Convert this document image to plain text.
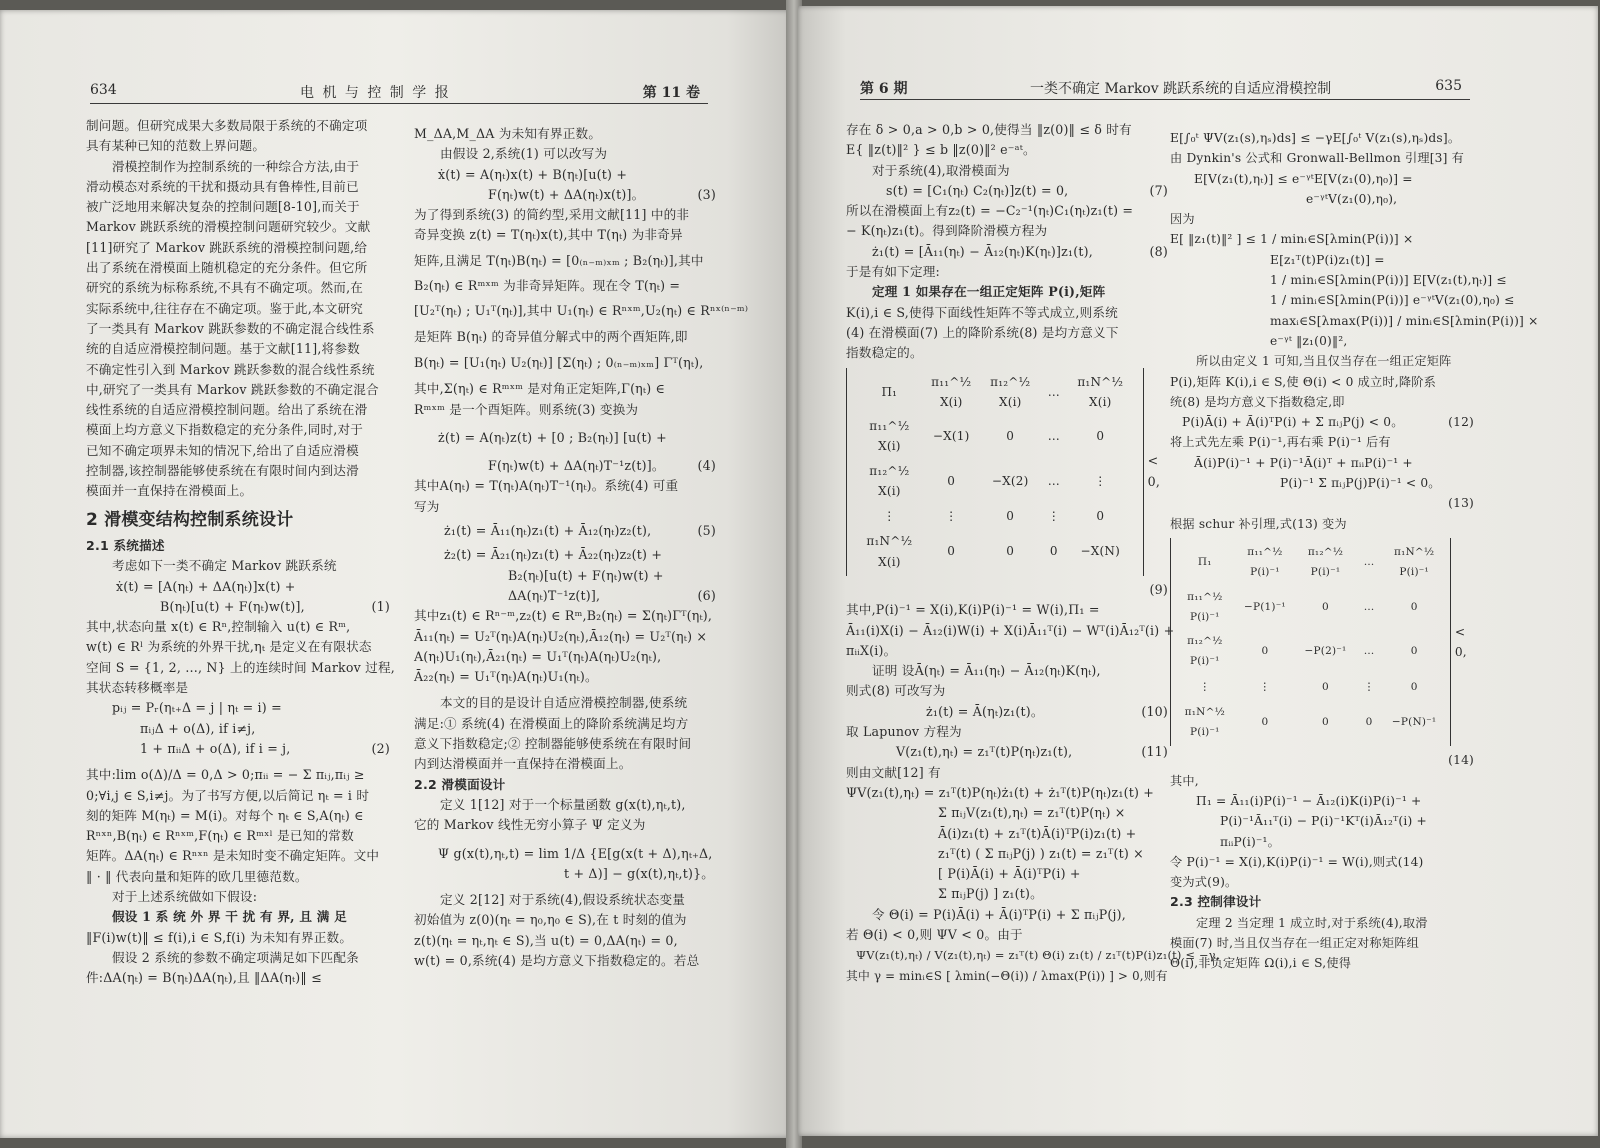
634	电 机 与 控 制 学 报	第 11 卷

制问题。但研究成果大多数局限于系统的不确定项

具有某种已知的范数上界问题。

滑模控制作为控制系统的一种综合方法,由于

滑动模态对系统的干扰和摄动具有鲁棒性,目前已

被广泛地用来解决复杂的控制问题[8-10],而关于

Markov 跳跃系统的滑模控制问题研究较少。文献

[11]研究了 Markov 跳跃系统的滑模控制问题,给

出了系统在滑模面上随机稳定的充分条件。但它所

研究的系统为标称系统,不具有不确定项。然而,在

实际系统中,往往存在不确定项。鉴于此,本文研究

了一类具有 Markov 跳跃参数的不确定混合线性系

统的自适应滑模控制问题。基于文献[11],将参数

不确定性引入到 Markov 跳跃参数的混合线性系统

中,研究了一类具有 Markov 跳跃参数的不确定混合

线性系统的自适应滑模控制问题。给出了系统在滑

模面上均方意义下指数稳定的充分条件,同时,对于

已知不确定项界未知的情况下,给出了自适应滑模

控制器,该控制器能够使系统在有限时间内到达滑

模面并一直保持在滑模面上。

2 滑模变结构控制系统设计

2.1 系统描述

考虑如下一类不确定 Markov 跳跃系统

ẋ(t) = [A(ηₜ) + ΔA(ηₜ)]x(t) +

B(ηₜ)[u(t) + F(ηₜ)w(t)],	(1)

其中,状态向量 x(t) ∈ Rⁿ,控制输入 u(t) ∈ Rᵐ,

w(t) ∈ Rˡ 为系统的外界干扰,ηₜ 是定义在有限状态

空间 S = {1, 2, …, N} 上的连续时间 Markov 过程,

其状态转移概率是

pᵢⱼ = Pᵣ(ηₜ₊Δ = j | ηₜ = i) =

πᵢⱼΔ + o(Δ), if i≠j,

1 + πᵢᵢΔ + o(Δ), if i = j,	(2)

其中:lim o(Δ)/Δ = 0,Δ > 0;πᵢᵢ = − Σ πᵢⱼ,πᵢⱼ ≥

0;∀i,j ∈ S,i≠j。为了书写方便,以后简记 ηₜ = i 时

刻的矩阵 M(ηₜ) = M(i)。对每个 ηₜ ∈ S,A(ηₜ) ∈

Rⁿˣⁿ,B(ηₜ) ∈ Rⁿˣᵐ,F(ηₜ) ∈ Rᵐˣˡ 是已知的常数

矩阵。ΔA(ηₜ) ∈ Rⁿˣⁿ 是未知时变不确定矩阵。文中

‖ · ‖ 代表向量和矩阵的欧几里德范数。

对于上述系统做如下假设:

假设 1 系 统 外 界 干 扰 有 界, 且 满 足

‖F(i)w(t)‖ ≤ f(i),i ∈ S,f(i) 为未知有界正数。

假设 2 系统的参数不确定项满足如下匹配条

件:ΔA(ηₜ) = B(ηₜ)ΔA(ηₜ),且 ‖ΔA(ηₜ)‖ ≤

M_ΔA,M_ΔA 为未知有界正数。

由假设 2,系统(1) 可以改写为

ẋ(t) = A(ηₜ)x(t) + B(ηₜ)[u(t) +

F(ηₜ)w(t) + ΔA(ηₜ)x(t)]。	(3)

为了得到系统(3) 的简约型,采用文献[11] 中的非

奇异变换 z(t) = T(ηₜ)x(t),其中 T(ηₜ) 为非奇异

矩阵,且满足 T(ηₜ)B(ηₜ) = [0₍ₙ₋ₘ₎ₓₘ ; B₂(ηₜ)],其中

B₂(ηₜ) ∈ Rᵐˣᵐ 为非奇异矩阵。现在令 T(ηₜ) =

[U₂ᵀ(ηₜ) ; U₁ᵀ(ηₜ)],其中 U₁(ηₜ) ∈ Rⁿˣᵐ,U₂(ηₜ) ∈ Rⁿˣ⁽ⁿ⁻ᵐ⁾

是矩阵 B(ηₜ) 的奇异值分解式中的两个酉矩阵,即

B(ηₜ) = [U₁(ηₜ) U₂(ηₜ)] [Σ(ηₜ) ; 0₍ₙ₋ₘ₎ₓₘ] Γᵀ(ηₜ),

其中,Σ(ηₜ) ∈ Rᵐˣᵐ 是对角正定矩阵,Γ(ηₜ) ∈

Rᵐˣᵐ 是一个酉矩阵。则系统(3) 变换为

ż(t) = A(ηₜ)z(t) + [0 ; B₂(ηₜ)] [u(t) +

F(ηₜ)w(t) + ΔA(ηₜ)T⁻¹z(t)]。	(4)

其中A(ηₜ) = T(ηₜ)A(ηₜ)T⁻¹(ηₜ)。系统(4) 可重

写为

ż₁(t) = Ā₁₁(ηₜ)z₁(t) + Ā₁₂(ηₜ)z₂(t),	(5)

ż₂(t) = Ā₂₁(ηₜ)z₁(t) + Ā₂₂(ηₜ)z₂(t) +

B₂(ηₜ)[u(t) + F(ηₜ)w(t) +

ΔA(ηₜ)T⁻¹z(t)],	(6)

其中z₁(t) ∈ Rⁿ⁻ᵐ,z₂(t) ∈ Rᵐ,B₂(ηₜ) = Σ(ηₜ)Γᵀ(ηₜ),

Ā₁₁(ηₜ) = U₂ᵀ(ηₜ)A(ηₜ)U₂(ηₜ),Ā₁₂(ηₜ) = U₂ᵀ(ηₜ) ×

A(ηₜ)U₁(ηₜ),Ā₂₁(ηₜ) = U₁ᵀ(ηₜ)A(ηₜ)U₂(ηₜ),

Ā₂₂(ηₜ) = U₁ᵀ(ηₜ)A(ηₜ)U₁(ηₜ)。

本文的目的是设计自适应滑模控制器,使系统

满足:① 系统(4) 在滑模面上的降阶系统满足均方

意义下指数稳定;② 控制器能够使系统在有限时间

内到达滑模面并一直保持在滑模面上。

2.2 滑模面设计

定义 1[12] 对于一个标量函数 g(x(t),ηₜ,t),

它的 Markov 线性无穷小算子 Ψ 定义为

Ψ g(x(t),ηₜ,t) = lim 1/Δ {E[g(x(t + Δ),ηₜ₊Δ,

t + Δ)] − g(x(t),ηₜ,t)}。

定义 2[12] 对于系统(4),假设系统状态变量

初始值为 z(0)(ηₜ = η₀,η₀ ∈ S),在 t 时刻的值为

z(t)(ηₜ = ηₜ,ηₜ ∈ S),当 u(t) = 0,ΔA(ηₜ) = 0,

w(t) = 0,系统(4) 是均方意义下指数稳定的。若总

第 6 期	一类不确定 Markov 跳跃系统的自适应滑模控制	635

存在 δ > 0,a > 0,b > 0,使得当 ‖z(0)‖ ≤ δ 时有

E{ ‖z(t)‖² } ≤ b ‖z(0)‖² e⁻ᵃᵗ。

对于系统(4),取滑模面为

s(t) = [C₁(ηₜ) C₂(ηₜ)]z(t) = 0,	(7)

所以在滑模面上有z₂(t) = −C₂⁻¹(ηₜ)C₁(ηₜ)z₁(t) =

− K(ηₜ)z₁(t)。得到降阶滑模方程为

ż₁(t) = [Ā₁₁(ηₜ) − Ā₁₂(ηₜ)K(ηₜ)]z₁(t),	(8)

于是有如下定理:

定理 1 如果存在一组正定矩阵 P(i),矩阵

K(i),i ∈ S,使得下面线性矩阵不等式成立,则系统

(4) 在滑模面(7) 上的降阶系统(8) 是均方意义下

指数稳定的。

Π₁	π₁₁^½ X(i)	π₁₂^½ X(i)	…	π₁N^½ X(i)
π₁₁^½ X(i)	−X(1)	0	…	0
π₁₂^½ X(i)	0	−X(2)	…	⋮
⋮	⋮	0	⋮	0
π₁N^½ X(i)	0	0	0	−X(N)
< 0,

(9)

其中,P(i)⁻¹ = X(i),K(i)P(i)⁻¹ = W(i),Π₁ =

Ā₁₁(i)X(i) − Ā₁₂(i)W(i) + X(i)Ā₁₁ᵀ(i) − Wᵀ(i)Ā₁₂ᵀ(i) +

πᵢᵢX(i)。

证明 设Ā(ηₜ) = Ā₁₁(ηₜ) − Ā₁₂(ηₜ)K(ηₜ),

则式(8) 可改写为

ż₁(t) = Ā(ηₜ)z₁(t)。	(10)

取 Lapunov 方程为

V(z₁(t),ηₜ) = z₁ᵀ(t)P(ηₜ)z₁(t),	(11)

则由文献[12] 有

ΨV(z₁(t),ηₜ) = z₁ᵀ(t)P(ηₜ)ż₁(t) + ż₁ᵀ(t)P(ηₜ)z₁(t) +

Σ πᵢⱼV(z₁(t),ηₜ) = z₁ᵀ(t)P(ηₜ) ×

Ā(i)z₁(t) + z₁ᵀ(t)Ā(i)ᵀP(i)z₁(t) +

z₁ᵀ(t) ( Σ πᵢⱼP(j) ) z₁(t) = z₁ᵀ(t) ×

[ P(i)Ā(i) + Ā(i)ᵀP(i) +

Σ πᵢⱼP(j) ] z₁(t)。

令 Θ(i) = P(i)Ā(i) + Ā(i)ᵀP(i) + Σ πᵢⱼP(j),

若 Θ(i) < 0,则 ΨV < 0。由于

ΨV(z₁(t),ηₜ) / V(z₁(t),ηₜ) = z₁ᵀ(t) Θ(i) z₁(t) / z₁ᵀ(t)P(i)z₁(t) ≤ −γ,

其中 γ = minᵢ∈S [ λmin(−Θ(i)) / λmax(P(i)) ] > 0,则有

E[∫₀ᵗ ΨV(z₁(s),ηₛ)ds] ≤ −γE[∫₀ᵗ V(z₁(s),ηₛ)ds]。

由 Dynkin's 公式和 Gronwall-Bellmon 引理[3] 有

E[V(z₁(t),ηₜ)] ≤ e⁻ᵞᵗE[V(z₁(0),η₀)] =

e⁻ᵞᵗV(z₁(0),η₀),

因为

E[ ‖z₁(t)‖² ] ≤ 1 / minᵢ∈S[λmin(P(i))] ×

E[z₁ᵀ(t)P(i)z₁(t)] =

1 / minᵢ∈S[λmin(P(i))] E[V(z₁(t),ηₜ)] ≤

1 / minᵢ∈S[λmin(P(i))] e⁻ᵞᵗV(z₁(0),η₀) ≤

maxᵢ∈S[λmax(P(i))] / minᵢ∈S[λmin(P(i))] ×

e⁻ᵞᵗ ‖z₁(0)‖²,

所以由定义 1 可知,当且仅当存在一组正定矩阵

P(i),矩阵 K(i),i ∈ S,使 Θ(i) < 0 成立时,降阶系

统(8) 是均方意义下指数稳定,即

P(i)Ā(i) + Ā(i)ᵀP(i) + Σ πᵢⱼP(j) < 0。	(12)

将上式先左乘 P(i)⁻¹,再右乘 P(i)⁻¹ 后有

Ā(i)P(i)⁻¹ + P(i)⁻¹Ā(i)ᵀ + πᵢᵢP(i)⁻¹ +

P(i)⁻¹ Σ πᵢⱼP(j)P(i)⁻¹ < 0。

(13)

根据 schur 补引理,式(13) 变为

Π₁	π₁₁^½ P(i)⁻¹	π₁₂^½ P(i)⁻¹	…	π₁N^½ P(i)⁻¹
π₁₁^½ P(i)⁻¹	−P(1)⁻¹	0	…	0
π₁₂^½ P(i)⁻¹	0	−P(2)⁻¹	…	0
⋮	⋮	0	⋮	0
π₁N^½ P(i)⁻¹	0	0	0	−P(N)⁻¹
< 0,

(14)

其中,

Π₁ = Ā₁₁(i)P(i)⁻¹ − Ā₁₂(i)K(i)P(i)⁻¹ +

P(i)⁻¹Ā₁₁ᵀ(i) − P(i)⁻¹Kᵀ(i)Ā₁₂ᵀ(i) +

πᵢᵢP(i)⁻¹。

令 P(i)⁻¹ = X(i),K(i)P(i)⁻¹ = W(i),则式(14)

变为式(9)。

2.3 控制律设计

定理 2 当定理 1 成立时,对于系统(4),取滑

模面(7) 时,当且仅当存在一组正定对称矩阵组

Θ(i),非负定矩阵 Ω(i),i ∈ S,使得
